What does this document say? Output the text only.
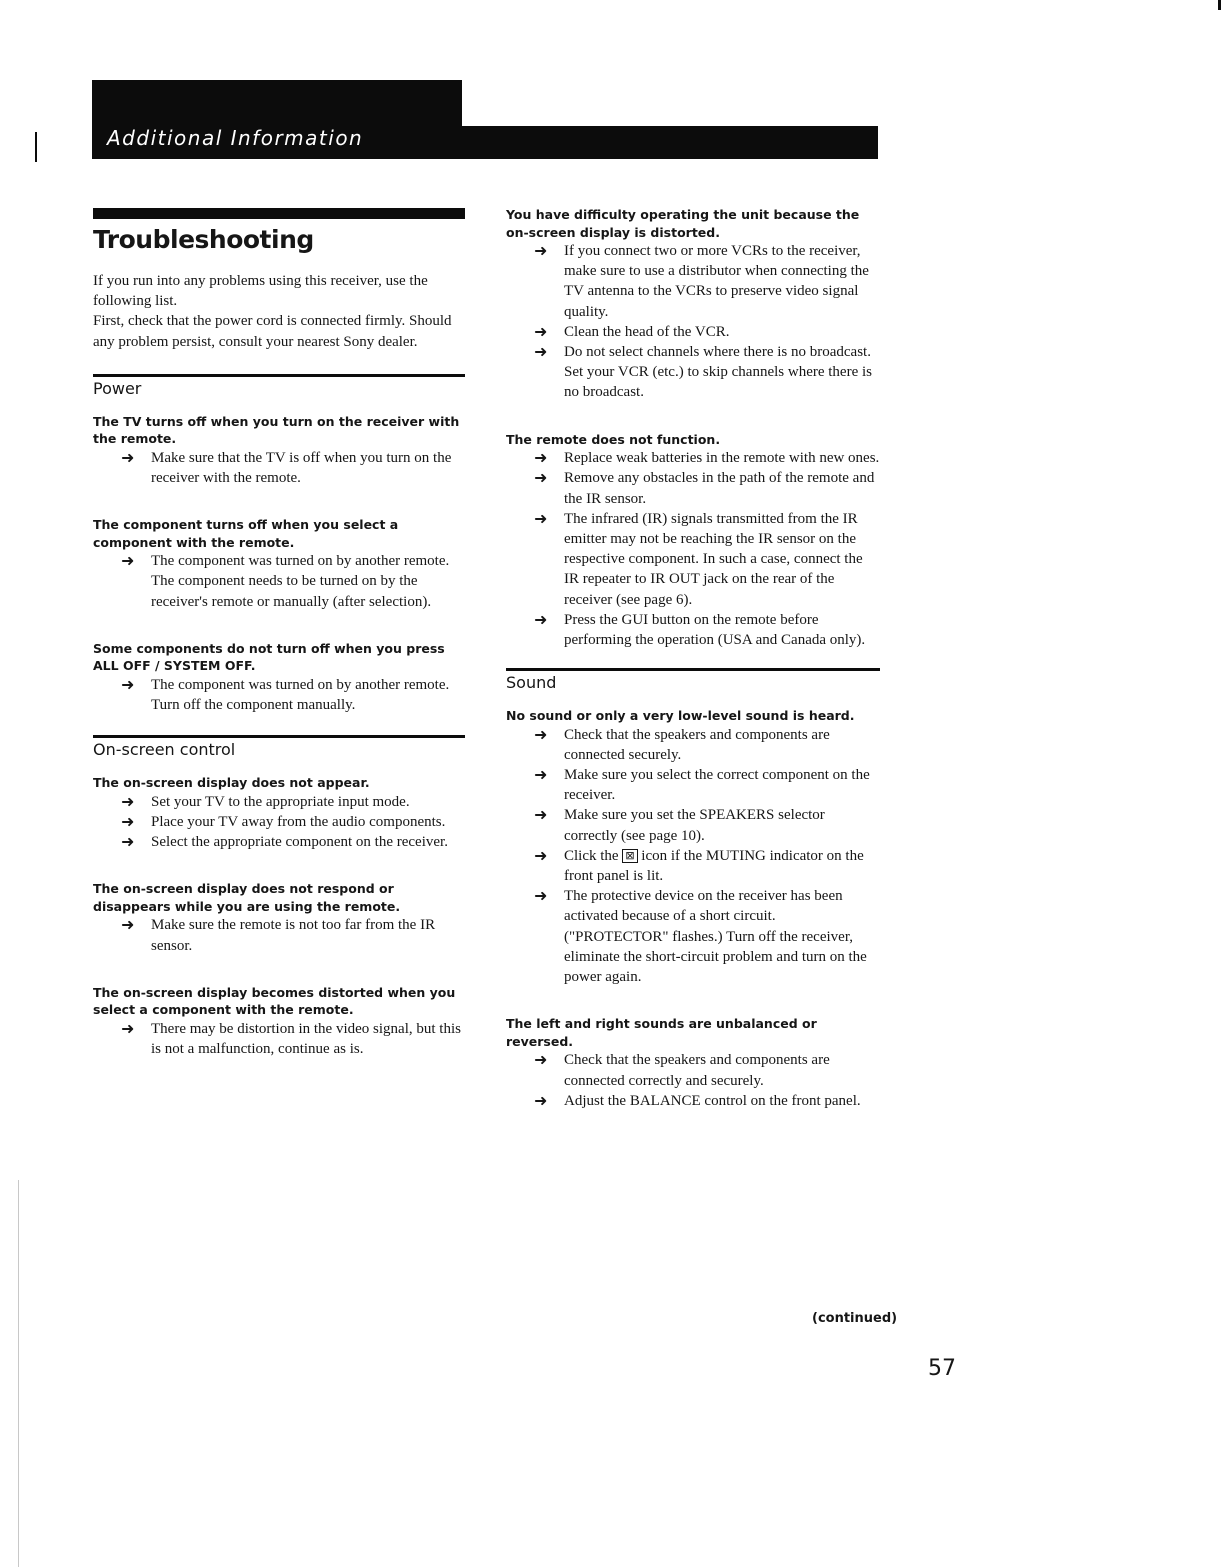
Additional Information
Troubleshooting

If you run into any problems using this receiver, use the following list.

First, check that the power cord is connected firmly. Should any problem persist, consult your nearest Sony dealer.

Power
The TV turns off when you turn on the receiver with the remote.
➜	Make sure that the TV is off when you turn on the receiver with the remote.
The component turns off when you select a component with the remote.
➜	The component was turned on by another remote. The component needs to be turned on by the receiver's remote or manually (after selection).
Some components do not turn off when you press ALL OFF / SYSTEM OFF.
➜	The component was turned on by another remote. Turn off the component manually.
On-screen control
The on-screen display does not appear.
➜	Set your TV to the appropriate input mode.
➜	Place your TV away from the audio components.
➜	Select the appropriate component on the receiver.
The on-screen display does not respond or disappears while you are using the remote.
➜	Make sure the remote is not too far from the IR sensor.
The on-screen display becomes distorted when you select a component with the remote.
➜	There may be distortion in the video signal, but this is not a malfunction, continue as is.
You have difficulty operating the unit because the on-screen display is distorted.
➜	If you connect two or more VCRs to the receiver, make sure to use a distributor when connecting the TV antenna to the VCRs to preserve video signal quality.
➜	Clean the head of the VCR.
➜	Do not select channels where there is no broadcast. Set your VCR (etc.) to skip channels where there is no broadcast.
The remote does not function.
➜	Replace weak batteries in the remote with new ones.
➜	Remove any obstacles in the path of the remote and the IR sensor.
➜	The infrared (IR) signals transmitted from the IR emitter may not be reaching the IR sensor on the respective component. In such a case, connect the IR repeater to IR OUT jack on the rear of the receiver (see page 6).
➜	Press the GUI button on the remote before performing the operation (USA and Canada only).
Sound
No sound or only a very low-level sound is heard.
➜	Check that the speakers and components are connected securely.
➜	Make sure you select the correct component on the receiver.
➜	Make sure you set the SPEAKERS selector correctly (see page 10).
➜	Click the ⊠ icon if the MUTING indicator on the front panel is lit.
➜	The protective device on the receiver has been activated because of a short circuit. ("PROTECTOR" flashes.) Turn off the receiver, eliminate the short-circuit problem and turn on the power again.
The left and right sounds are unbalanced or reversed.
➜	Check that the speakers and components are connected correctly and securely.
➜	Adjust the BALANCE control on the front panel.
(continued)
57
